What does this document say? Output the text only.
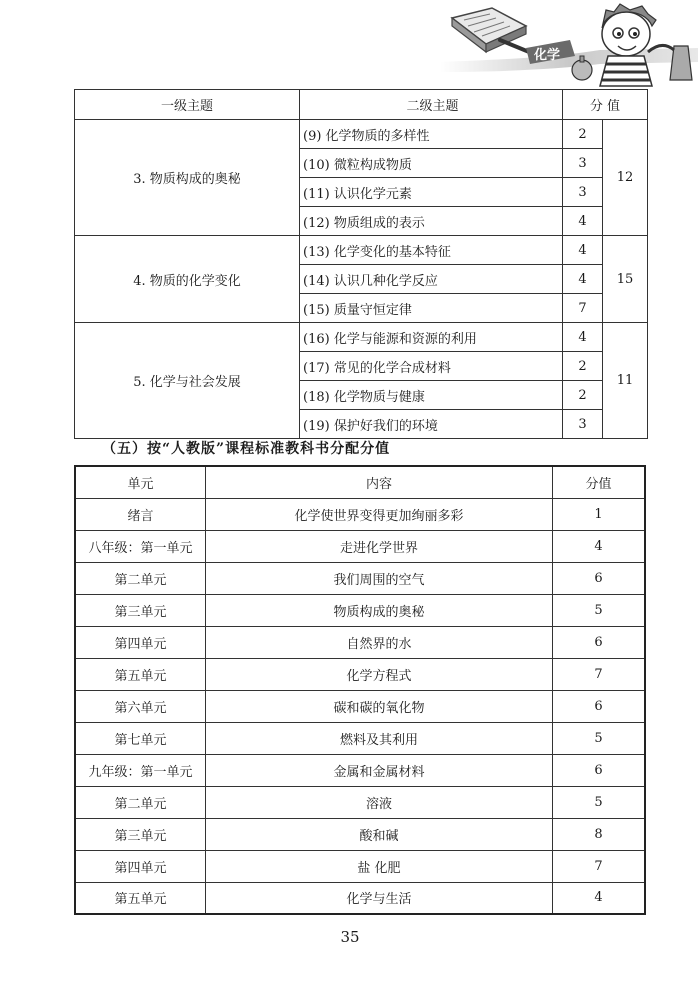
化学
一级主题	二级主题	分 值	
3. 物质构成的奥秘	(9) 化学物质的多样性	2	12
	(10) 微粒构成物质	3	
	(11) 认识化学元素	3	
	(12) 物质组成的表示	4	
4. 物质的化学变化	(13) 化学变化的基本特征	4	15
	(14) 认识几种化学反应	4	
	(15) 质量守恒定律	7	
5. 化学与社会发展	(16) 化学与能源和资源的利用	4	11
	(17) 常见的化学合成材料	2	
	(18) 化学物质与健康	2	
	(19) 保护好我们的环境	3	
（五）按“人教版”课程标准教科书分配分值
单元	内容	分值
绪言	化学使世界变得更加绚丽多彩	1
八年级：第一单元	走进化学世界	4
第二单元	我们周围的空气	6
第三单元	物质构成的奥秘	5
第四单元	自然界的水	6
第五单元	化学方程式	7
第六单元	碳和碳的氧化物	6
第七单元	燃料及其利用	5
九年级：第一单元	金属和金属材料	6
第二单元	溶液	5
第三单元	酸和碱	8
第四单元	盐 化肥	7
第五单元	化学与生活	4
35
